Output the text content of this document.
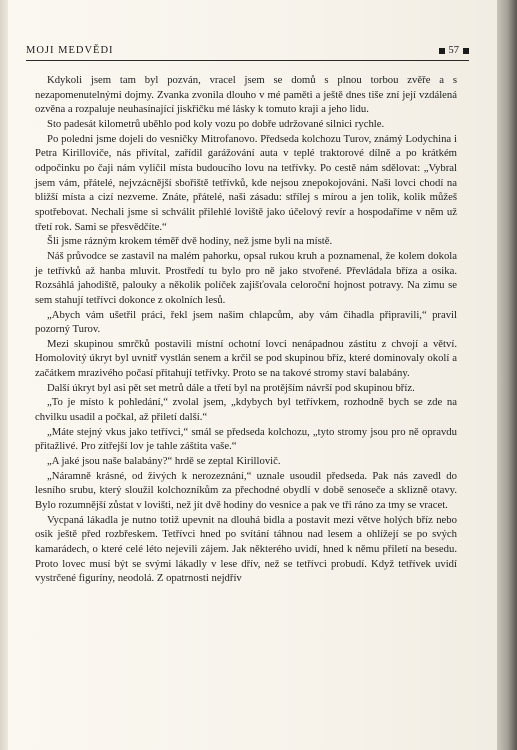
MOJI MEDVĚDI	57

Kdykoli jsem tam byl pozván, vracel jsem se domů s plnou torbou zvěře a s nezapomenutelnými dojmy. Zvanka zvonila dlouho v mé paměti a ještě dnes tiše zní její vzdálená ozvěna a rozpaluje neuhasínající jiskřičku mé lásky k tomuto kraji a jeho lidu.

Sto padesát kilometrů uběhlo pod koly vozu po dobře udržované silnici rychle.

Po poledni jsme dojeli do vesničky Mitrofanovo. Předseda kolchozu Turov, známý Lodychina i Petra Kirilloviče, nás přivítal, zařídil garážování auta v teplé traktorové dílně a po krátkém odpočinku po čaji nám vyličil místa budoucího lovu na tetřívky. Po cestě nám sdělovat: „Vybral jsem vám, přátelé, nejvzácnější sbořiště tetřívků, kde nejsou znepokojováni. Naši lovci chodí na bližší místa a cizí nezveme. Znáte, přátelé, naši zásadu: střílej s mírou a jen tolik, kolik můžeš spotřebovat. Nechali jsme si schválit přilehlé loviště jako účelový revír a hospodaříme v něm už třetí rok. Sami se přesvědčíte.“

Šli jsme rázným krokem téměř dvě hodiny, než jsme byli na místě.

Náš průvodce se zastavil na malém pahorku, opsal rukou kruh a poznamenal, že kolem dokola je tetřívků až hanba mluvit. Prostředí tu bylo pro ně jako stvořené. Převládala bříza a osika. Rozsáhlá jahodiště, palouky a několik políček zajišťovala celoroční hojnost potravy. Na zimu se sem stahují tetřívci dokonce z okolních lesů.

„Abych vám ušetřil práci, řekl jsem našim chlapcům, aby vám čihadla připravili,“ pravil pozorný Turov.

Mezi skupinou smrčků postavili místní ochotní lovci nenápadnou zástitu z chvojí a větví. Homolovitý úkryt byl uvnitř vystlán senem a krčil se pod skupinou bříz, které dominovaly okolí a začátkem mrazivého počasí přitahují tetřívky. Proto se na takové stromy staví balabány.

Další úkryt byl asi pět set metrů dále a třetí byl na protějším návrší pod skupinou bříz.

„To je místo k pohledání,“ zvolal jsem, „kdybych byl tetřívkem, rozhodně bych se zde na chvilku usadil a počkal, až přiletí další.“

„Máte stejný vkus jako tetřívci,“ smál se předseda kolchozu, „tyto stromy jsou pro ně opravdu přitažlivé. Pro zítřejší lov je tahle záštita vaše.“

„A jaké jsou naše balabány?“ hrdě se zeptal Kirillovič.

„Náramně krásné, od živých k nerozeznání,“ uznale usoudil předseda. Pak nás zavedl do lesního srubu, který sloužil kolchozníkům za přechodné obydlí v době senoseče a sklizně otavy. Bylo rozumnější zůstat v lovišti, než jít dvě hodiny do vesnice a pak ve tři ráno za tmy se vracet.

Vycpaná lákadla je nutno totiž upevnit na dlouhá bidla a postavit mezi větve holých bříz nebo osik ještě před rozbřeskem. Tetřívci hned po svítání táhnou nad lesem a ohlížejí se po svých kamarádech, o které celé léto nejevili zájem. Jak některého uvidí, hned k němu přiletí na besedu. Proto lovec musí být se svými lákadly v lese dřív, než se tetřívci probudí. Když tetřívek uvidí vystrčené figuríny, neodolá. Z opatrnosti nejdřív
